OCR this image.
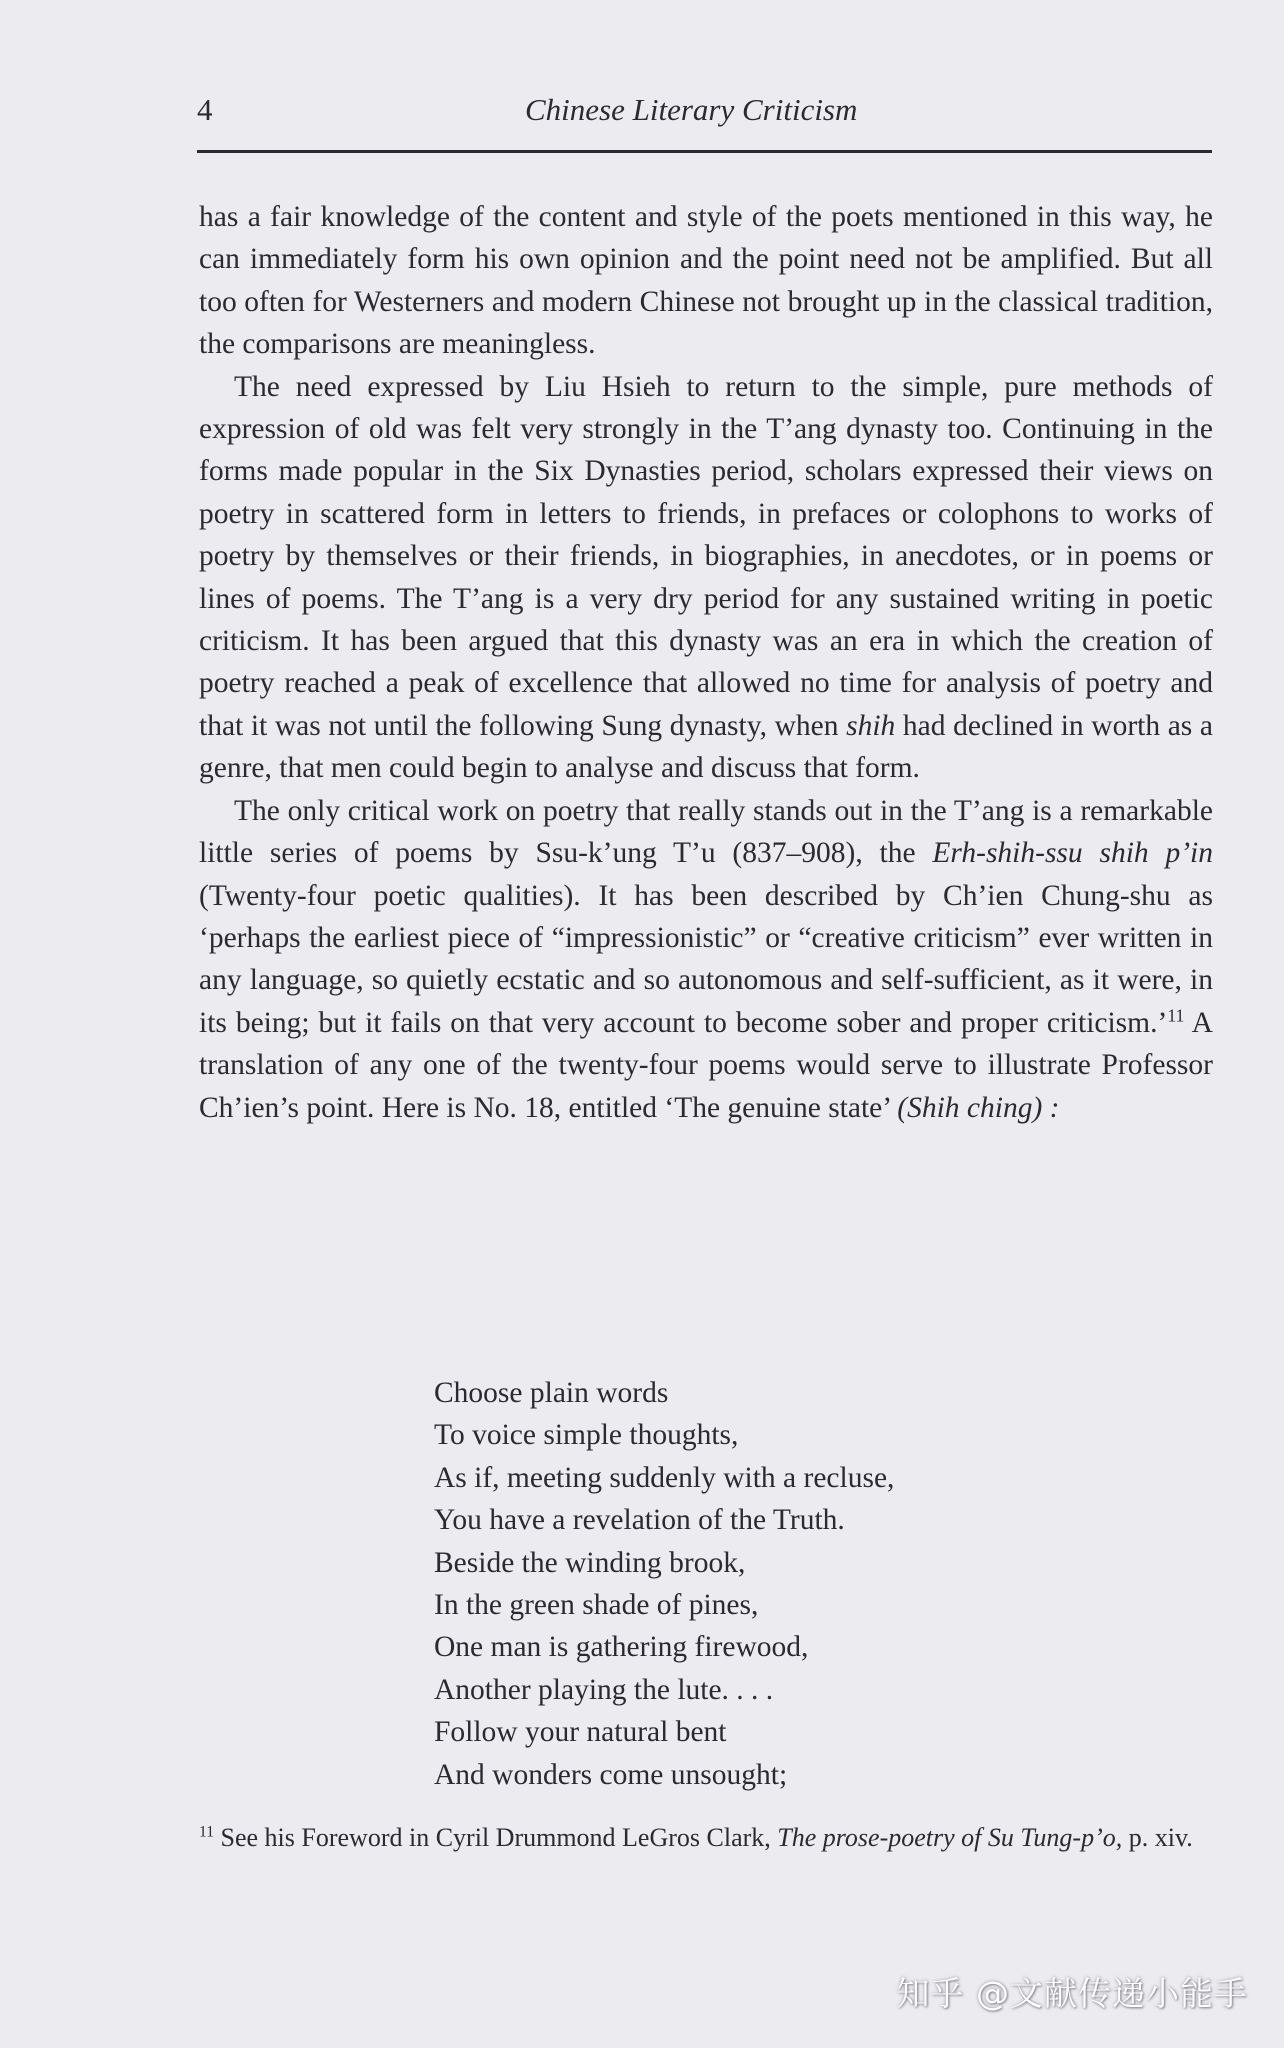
4	Chinese Literary Criticism

has a fair knowledge of the content and style of the poets mentioned in this way, he can immediately form his own opinion and the point need not be amplified. But all too often for Westerners and modern Chinese not brought up in the classical tradition, the comparisons are meaningless.

The need expressed by Liu Hsieh to return to the simple, pure methods of expression of old was felt very strongly in the T’ang dynasty too. Continuing in the forms made popular in the Six Dynasties period, scholars expressed their views on poetry in scattered form in letters to friends, in prefaces or colophons to works of poetry by themselves or their friends, in biographies, in anecdotes, or in poems or lines of poems. The T’ang is a very dry period for any sustained writing in poetic criticism. It has been argued that this dynasty was an era in which the creation of poetry reached a peak of excellence that allowed no time for analysis of poetry and that it was not until the following Sung dynasty, when shih had declined in worth as a genre, that men could begin to analyse and discuss that form.

The only critical work on poetry that really stands out in the T’ang is a remarkable little series of poems by Ssu-k’ung T’u (837–908), the Erh-shih-ssu shih p’in (Twenty-four poetic qualities). It has been described by Ch’ien Chung-shu as ‘perhaps the earliest piece of “impressionistic” or “creative criticism” ever written in any language, so quietly ecstatic and so autonomous and self-sufficient, as it were, in its being; but it fails on that very account to become sober and proper criticism.’$^{11}$ A translation of any one of the twenty-four poems would serve to illustrate Professor Ch’ien’s point. Here is No. 18, entitled ‘The genuine state’ (Shih ching) :

Choose plain words
To voice simple thoughts,
As if, meeting suddenly with a recluse,
You have a revelation of the Truth.
Beside the winding brook,
In the green shade of pines,
One man is gathering firewood,
Another playing the lute. . . .
Follow your natural bent
And wonders come unsought;
$^{11}$ See his Foreword in Cyril Drummond LeGros Clark, The prose-poetry of Su Tung-p’o, p. xiv.
知乎 @文献传递小能手
